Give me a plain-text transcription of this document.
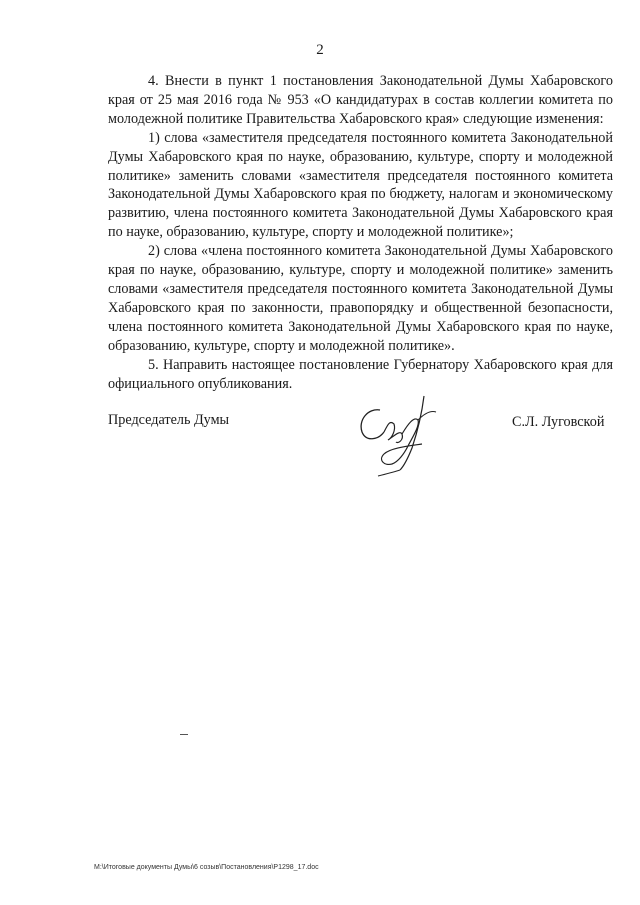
2

4. Внести в пункт 1 постановления Законодательной Думы Хабаровского края от 25 мая 2016 года № 953 «О кандидатурах в состав коллегии комитета по молодежной политике Правительства Хабаровского края» следующие изменения:

1) слова «заместителя председателя постоянного комитета Законодательной Думы Хабаровского края по науке, образованию, культуре, спорту и молодежной политике» заменить словами «заместителя председателя постоянного комитета Законодательной Думы Хабаровского края по бюджету, налогам и экономическому развитию, члена постоянного комитета Законодательной Думы Хабаровского края по науке, образованию, культуре, спорту и молодежной политике»;

2) слова «члена постоянного комитета Законодательной Думы Хабаровского края по науке, образованию, культуре, спорту и молодежной политике» заменить словами «заместителя председателя постоянного комитета Законодательной Думы Хабаровского края по законности, правопорядку и общественной безопасности, члена постоянного комитета Законодательной Думы Хабаровского края по науке, образованию, культуре, спорту и молодежной политике».

5. Направить настоящее постановление Губернатору Хабаровского края для официального опубликования.

Председатель Думы	С.Л. Луговской
M:\Итоговые документы Думы\6 созыв\Постановления\P1298_17.doc
